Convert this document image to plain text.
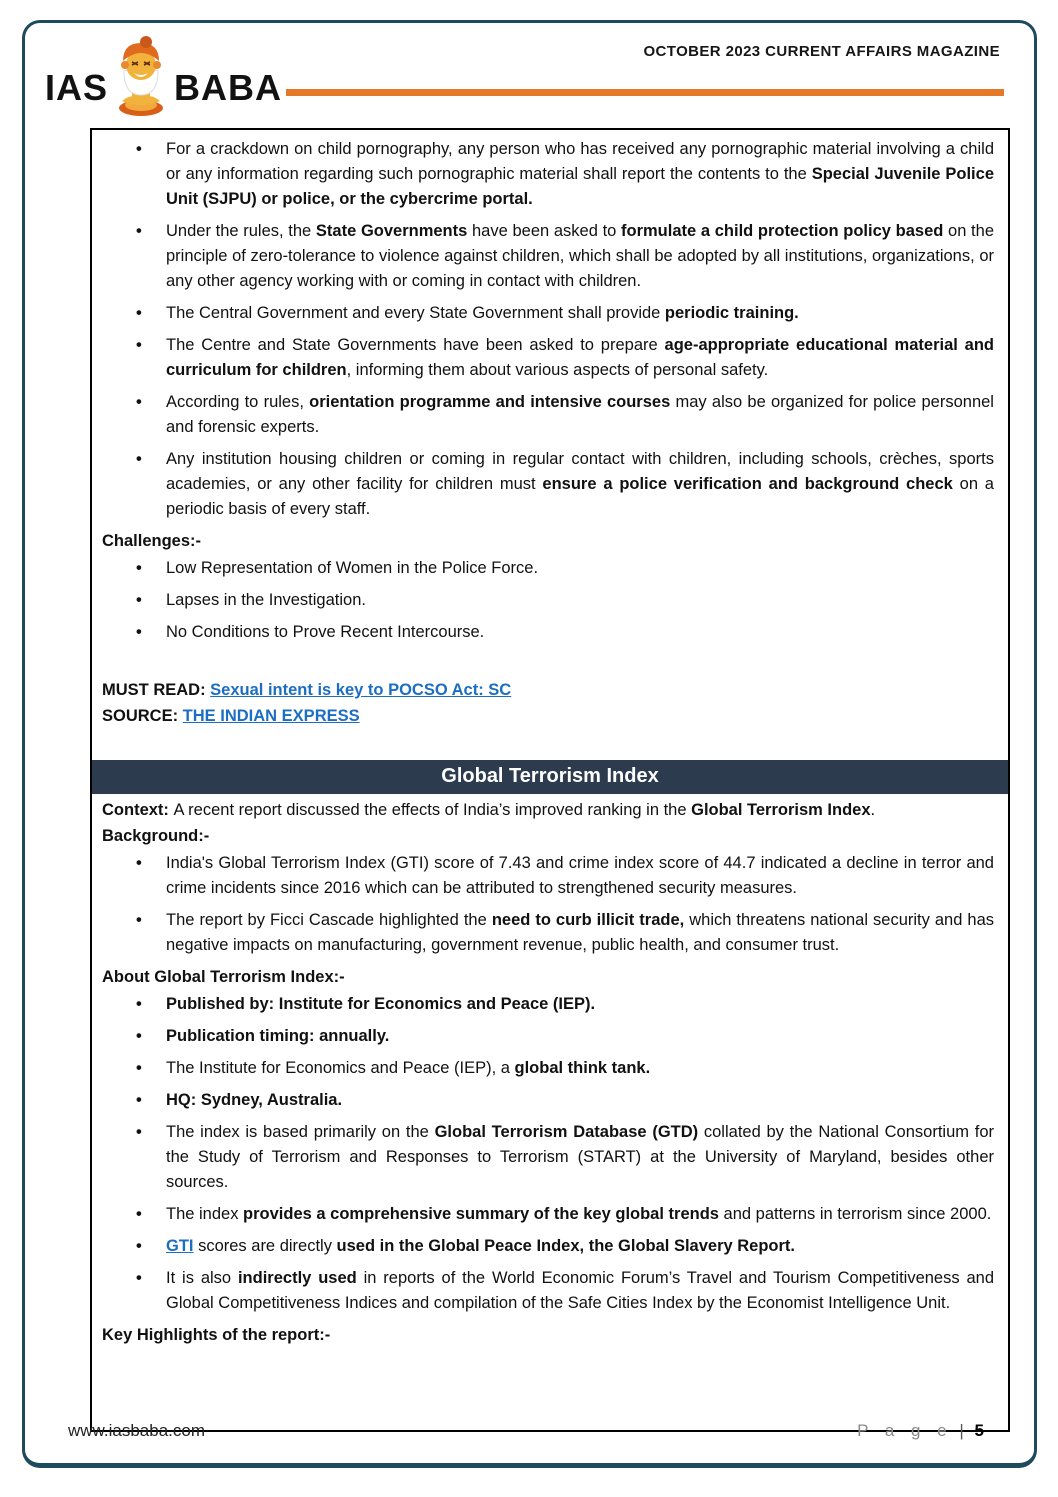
IAS BABA
OCTOBER 2023 CURRENT AFFAIRS MAGAZINE
• For a crackdown on child pornography, any person who has received any pornographic material involving a child or any information regarding such pornographic material shall report the contents to the Special Juvenile Police Unit (SJPU) or police, or the cybercrime portal.
• Under the rules, the State Governments have been asked to formulate a child protection policy based on the principle of zero-tolerance to violence against children, which shall be adopted by all institutions, organizations, or any other agency working with or coming in contact with children.
• The Central Government and every State Government shall provide periodic training.
• The Centre and State Governments have been asked to prepare age-appropriate educational material and curriculum for children, informing them about various aspects of personal safety.
• According to rules, orientation programme and intensive courses may also be organized for police personnel and forensic experts.
• Any institution housing children or coming in regular contact with children, including schools, crèches, sports academies, or any other facility for children must ensure a police verification and background check on a periodic basis of every staff.
Challenges:-
• Low Representation of Women in the Police Force.
• Lapses in the Investigation.
• No Conditions to Prove Recent Intercourse.
MUST READ: Sexual intent is key to POCSO Act: SC
SOURCE: THE INDIAN EXPRESS
Global Terrorism Index
Context: A recent report discussed the effects of India’s improved ranking in the Global Terrorism Index.
Background:-
• India's Global Terrorism Index (GTI) score of 7.43 and crime index score of 44.7 indicated a decline in terror and crime incidents since 2016 which can be attributed to strengthened security measures.
• The report by Ficci Cascade highlighted the need to curb illicit trade, which threatens national security and has negative impacts on manufacturing, government revenue, public health, and consumer trust.
About Global Terrorism Index:-
• Published by: Institute for Economics and Peace (IEP).
• Publication timing: annually.
• The Institute for Economics and Peace (IEP), a global think tank.
• HQ: Sydney, Australia.
• The index is based primarily on the Global Terrorism Database (GTD) collated by the National Consortium for the Study of Terrorism and Responses to Terrorism (START) at the University of Maryland, besides other sources.
• The index provides a comprehensive summary of the key global trends and patterns in terrorism since 2000.
• GTI scores are directly used in the Global Peace Index, the Global Slavery Report.
• It is also indirectly used in reports of the World Economic Forum’s Travel and Tourism Competitiveness and Global Competitiveness Indices and compilation of the Safe Cities Index by the Economist Intelligence Unit.
Key Highlights of the report:-
www.iasbaba.com	P a g e | 5
